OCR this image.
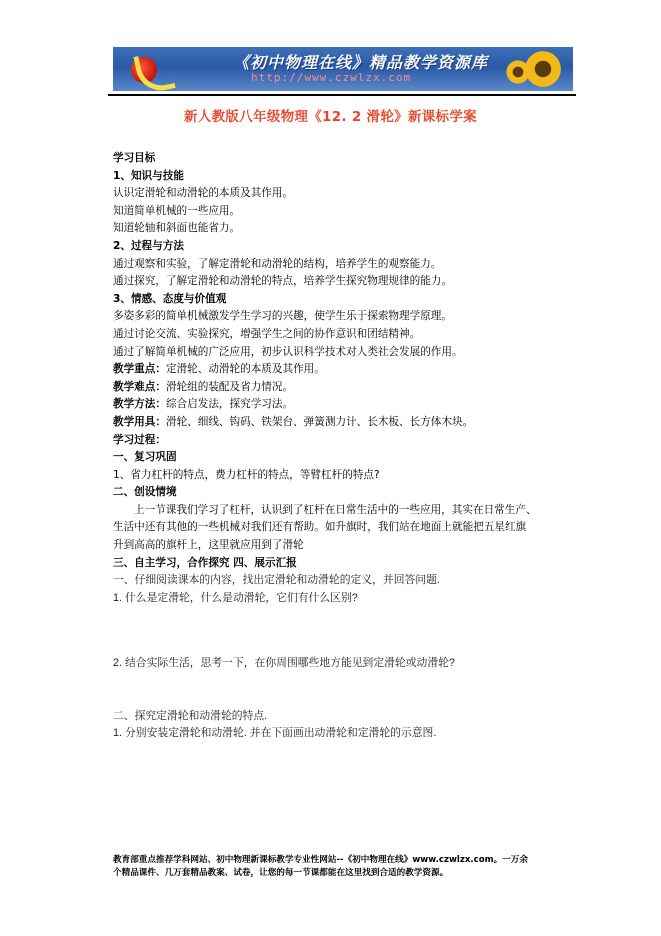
《初中物理在线》精品教学资源库
http://www.czwlzx.com
新人教版八年级物理《12. 2 滑轮》新课标学案
学习目标
1、知识与技能
认识定滑轮和动滑轮的本质及其作用。
知道简单机械的一些应用。
知道轮轴和斜面也能省力。
2、过程与方法
通过观察和实验，了解定滑轮和动滑轮的结构，培养学生的观察能力。
通过探究，了解定滑轮和动滑轮的特点，培养学生探究物理规律的能力。
3、情感、态度与价值观
多姿多彩的简单机械激发学生学习的兴趣，使学生乐于探索物理学原理。
通过讨论交流、实验探究，增强学生之间的协作意识和团结精神。
通过了解简单机械的广泛应用，初步认识科学技术对人类社会发展的作用。
教学重点：定滑轮、动滑轮的本质及其作用。
教学难点：滑轮组的装配及省力情况。
教学方法：综合启发法，探究学习法。
教学用具：滑轮、细线、钩码、铁架台、弹簧测力计、长木板、长方体木块。
学习过程：
一、复习巩固
1、省力杠杆的特点，费力杠杆的特点，等臂杠杆的特点?
二、创设情境
上一节课我们学习了杠杆，认识到了杠杆在日常生活中的一些应用，其实在日常生产、
生活中还有其他的一些机械对我们还有帮助。如升旗时，我们站在地面上就能把五星红旗
升到高高的旗杆上，这里就应用到了滑轮
三、自主学习，合作探究 四、展示汇报
一、仔细阅读课本的内容，找出定滑轮和动滑轮的定义，并回答问题.
1. 什么是定滑轮，什么是动滑轮，它们有什么区别?
2. 结合实际生活，思考一下，在你周围哪些地方能见到定滑轮或动滑轮?
二、探究定滑轮和动滑轮的特点.
1. 分别安装定滑轮和动滑轮. 并在下面画出动滑轮和定滑轮的示意图.
教育部重点推荐学科网站、初中物理新课标教学专业性网站--《初中物理在线》www.czwlzx.com。一万余
个精品课件、几万套精品教案、试卷，让您的每一节课都能在这里找到合适的教学资源。
